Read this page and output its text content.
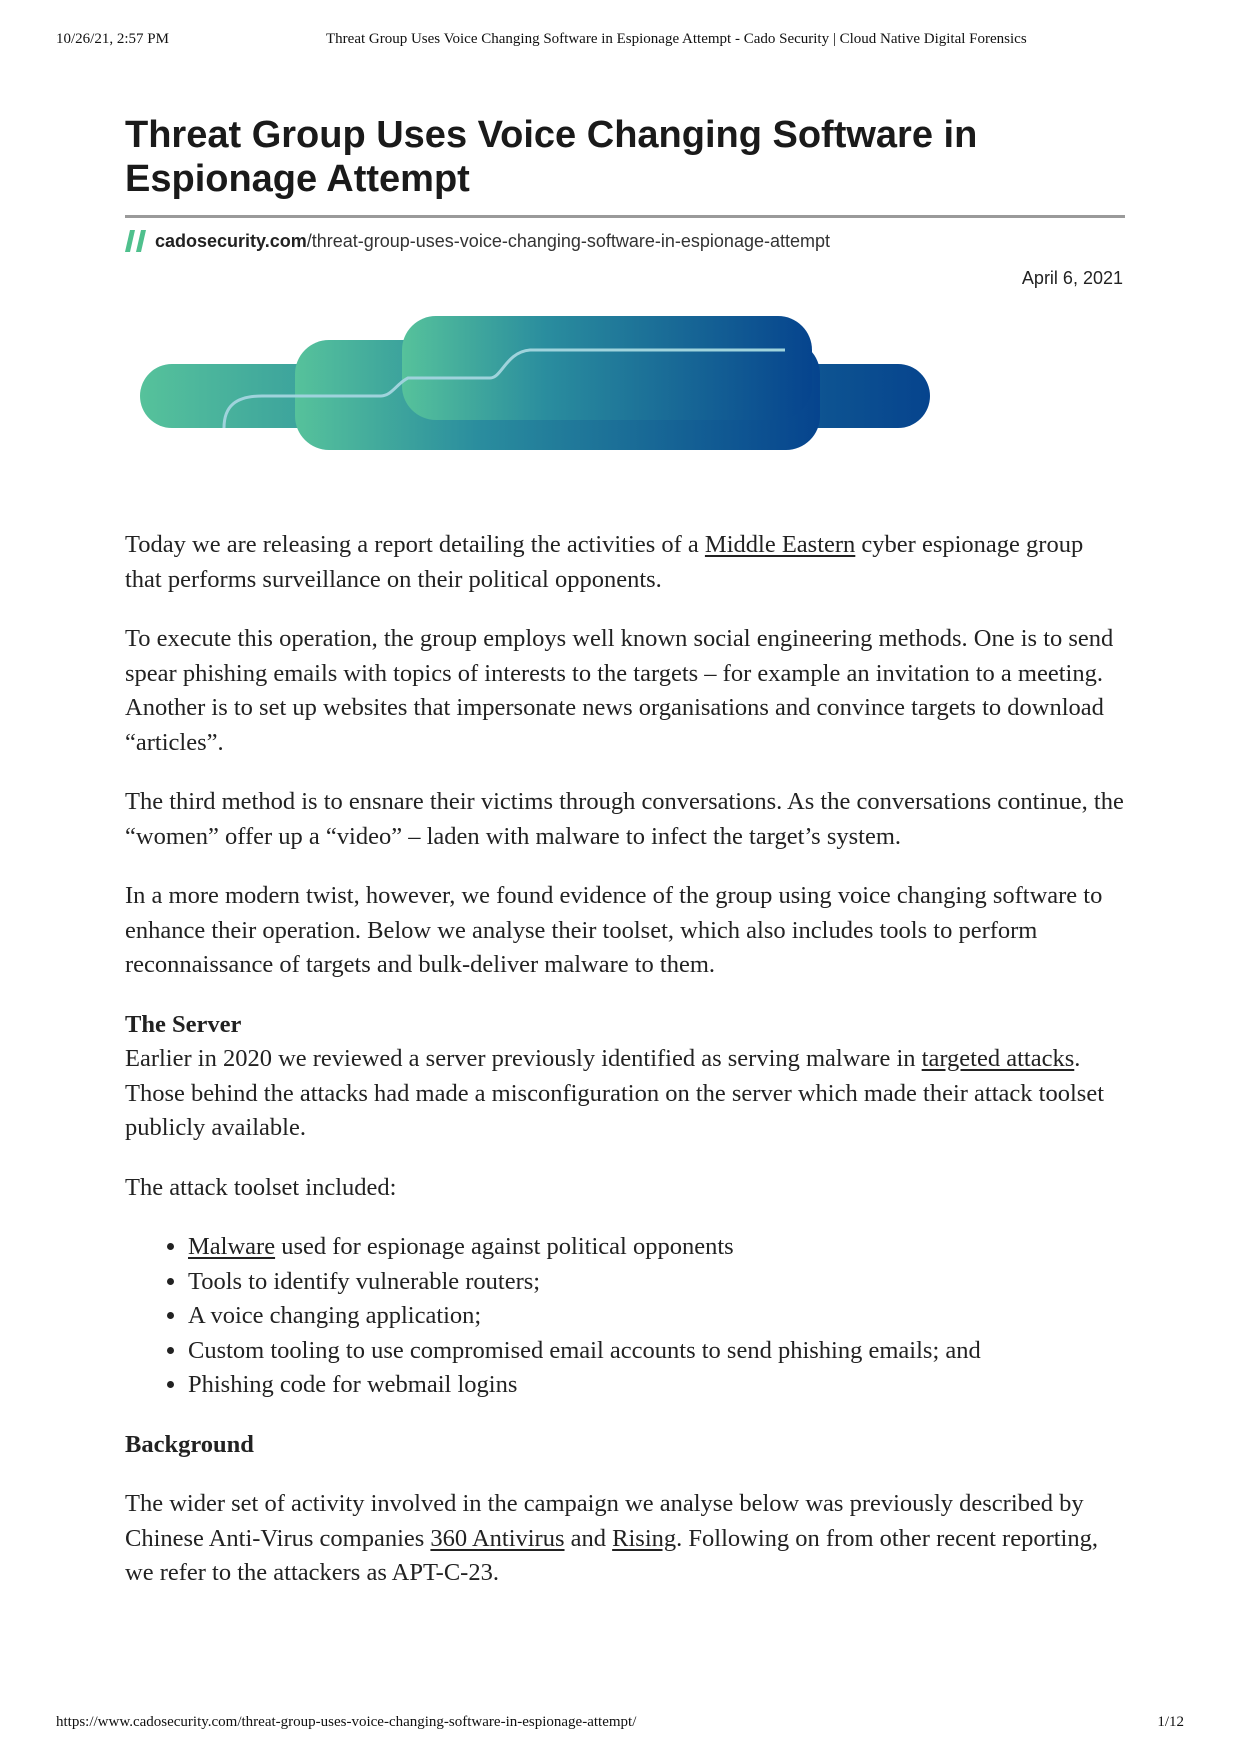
10/26/21, 2:57 PM	Threat Group Uses Voice Changing Software in Espionage Attempt - Cado Security | Cloud Native Digital Forensics
Threat Group Uses Voice Changing Software in Espionage Attempt
cadosecurity.com /threat-group-uses-voice-changing-software-in-espionage-attempt
April 6, 2021

Today we are releasing a report detailing the activities of a Middle Eastern cyber espionage group that performs surveillance on their political opponents.

To execute this operation, the group employs well known social engineering methods. One is to send spear phishing emails with topics of interests to the targets – for example an invitation to a meeting. Another is to set up websites that impersonate news organisations and convince targets to download “articles”.

The third method is to ensnare their victims through conversations. As the conversations continue, the “women” offer up a “video” – laden with malware to infect the target’s system.

In a more modern twist, however, we found evidence of the group using voice changing software to enhance their operation. Below we analyse their toolset, which also includes tools to perform reconnaissance of targets and bulk-deliver malware to them.

The Server

Earlier in 2020 we reviewed a server previously identified as serving malware in targeted attacks. Those behind the attacks had made a misconfiguration on the server which made their attack toolset publicly available.

The attack toolset included:

• Malware used for espionage against political opponents
• Tools to identify vulnerable routers;
• A voice changing application;
• Custom tooling to use compromised email accounts to send phishing emails; and
• Phishing code for webmail logins
Background

The wider set of activity involved in the campaign we analyse below was previously described by Chinese Anti-Virus companies 360 Antivirus and Rising. Following on from other recent reporting, we refer to the attackers as APT-C-23.

https://www.cadosecurity.com/threat-group-uses-voice-changing-software-in-espionage-attempt/	1/12
